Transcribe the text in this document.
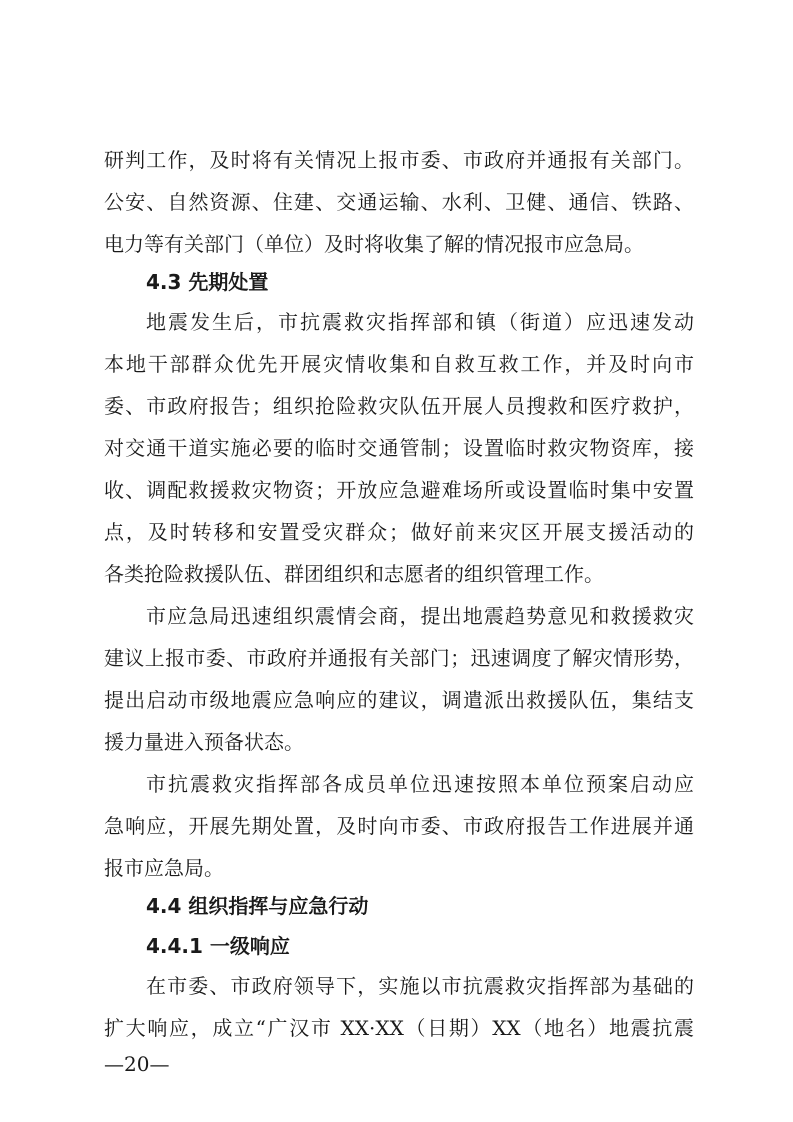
研判工作，及时将有关情况上报市委、市政府并通报有关部门。
公安、自然资源、住建、交通运输、水利、卫健、通信、铁路、
电力等有关部门（单位）及时将收集了解的情况报市应急局。
4.3 先期处置
地震发生后，市抗震救灾指挥部和镇（街道）应迅速发动
本地干部群众优先开展灾情收集和自救互救工作，并及时向市
委、市政府报告；组织抢险救灾队伍开展人员搜救和医疗救护，
对交通干道实施必要的临时交通管制；设置临时救灾物资库，接
收、调配救援救灾物资；开放应急避难场所或设置临时集中安置
点，及时转移和安置受灾群众；做好前来灾区开展支援活动的
各类抢险救援队伍、群团组织和志愿者的组织管理工作。
市应急局迅速组织震情会商，提出地震趋势意见和救援救灾
建议上报市委、市政府并通报有关部门；迅速调度了解灾情形势，
提出启动市级地震应急响应的建议，调遣派出救援队伍，集结支
援力量进入预备状态。
市抗震救灾指挥部各成员单位迅速按照本单位预案启动应
急响应，开展先期处置，及时向市委、市政府报告工作进展并通
报市应急局。
4.4 组织指挥与应急行动
4.4.1 一级响应
在市委、市政府领导下，实施以市抗震救灾指挥部为基础的
扩大响应，成立“广汉市 XX·XX（日期）XX（地名）地震抗震
—20—
